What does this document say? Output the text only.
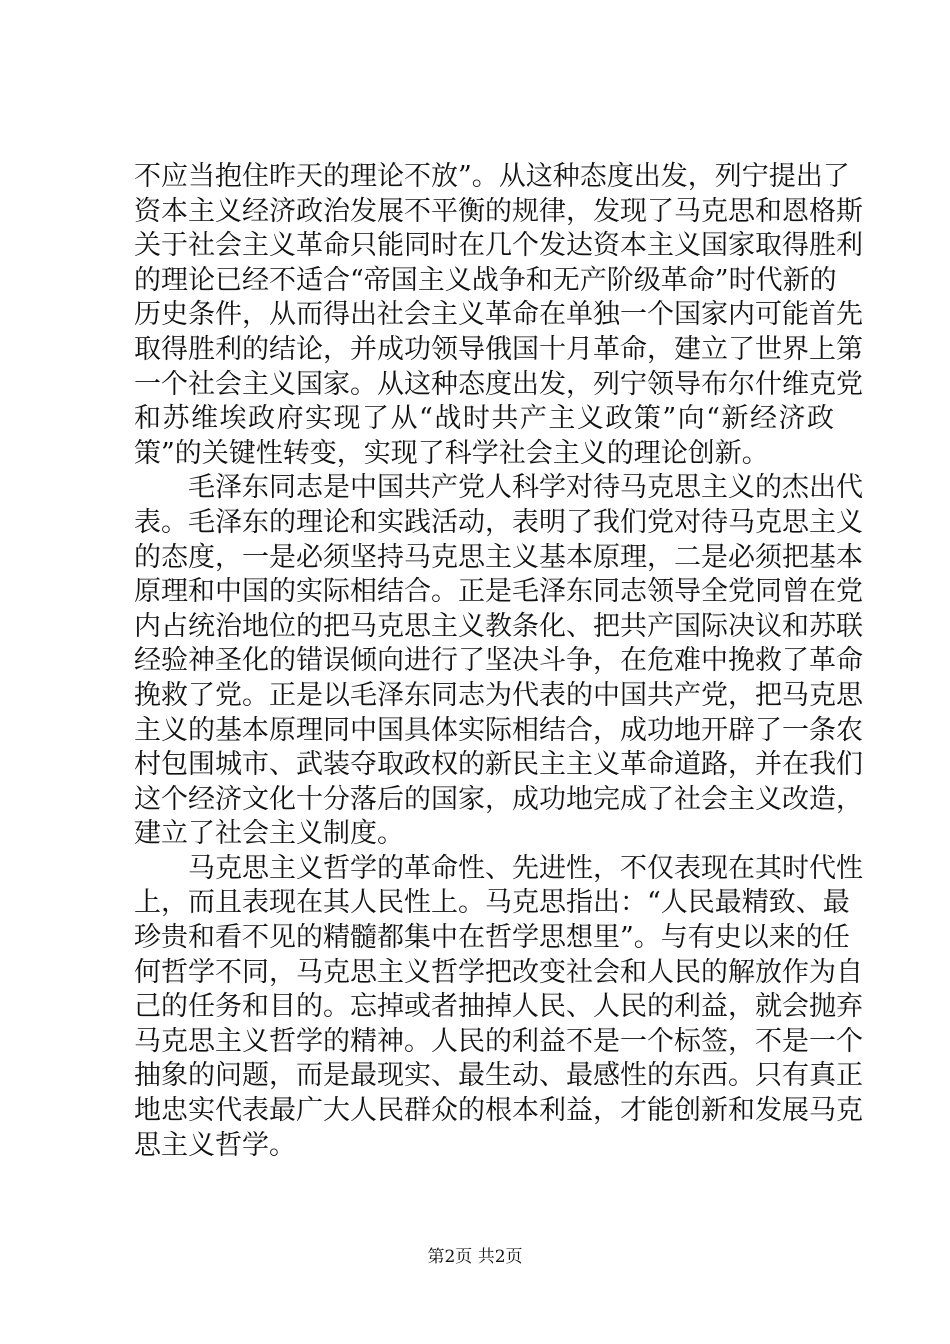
不应当抱住昨天的理论不放”。从这种态度出发，列宁提出了
资本主义经济政治发展不平衡的规律，发现了马克思和恩格斯
关于社会主义革命只能同时在几个发达资本主义国家取得胜利
的理论已经不适合“帝国主义战争和无产阶级革命”时代新的
历史条件，从而得出社会主义革命在单独一个国家内可能首先
取得胜利的结论，并成功领导俄国十月革命，建立了世界上第
一个社会主义国家。从这种态度出发，列宁领导布尔什维克党
和苏维埃政府实现了从“战时共产主义政策”向“新经济政
策”的关键性转变，实现了科学社会主义的理论创新。
毛泽东同志是中国共产党人科学对待马克思主义的杰出代
表。毛泽东的理论和实践活动，表明了我们党对待马克思主义
的态度，一是必须坚持马克思主义基本原理，二是必须把基本
原理和中国的实际相结合。正是毛泽东同志领导全党同曾在党
内占统治地位的把马克思主义教条化、把共产国际决议和苏联
经验神圣化的错误倾向进行了坚决斗争，在危难中挽救了革命
挽救了党。正是以毛泽东同志为代表的中国共产党，把马克思
主义的基本原理同中国具体实际相结合，成功地开辟了一条农
村包围城市、武装夺取政权的新民主主义革命道路，并在我们
这个经济文化十分落后的国家，成功地完成了社会主义改造，
建立了社会主义制度。
马克思主义哲学的革命性、先进性，不仅表现在其时代性
上，而且表现在其人民性上。马克思指出：“人民最精致、最
珍贵和看不见的精髓都集中在哲学思想里”。与有史以来的任
何哲学不同，马克思主义哲学把改变社会和人民的解放作为自
己的任务和目的。忘掉或者抽掉人民、人民的利益，就会抛弃
马克思主义哲学的精神。人民的利益不是一个标签，不是一个
抽象的问题，而是最现实、最生动、最感性的东西。只有真正
地忠实代表最广大人民群众的根本利益，才能创新和发展马克
思主义哲学。
第2页 共2页
